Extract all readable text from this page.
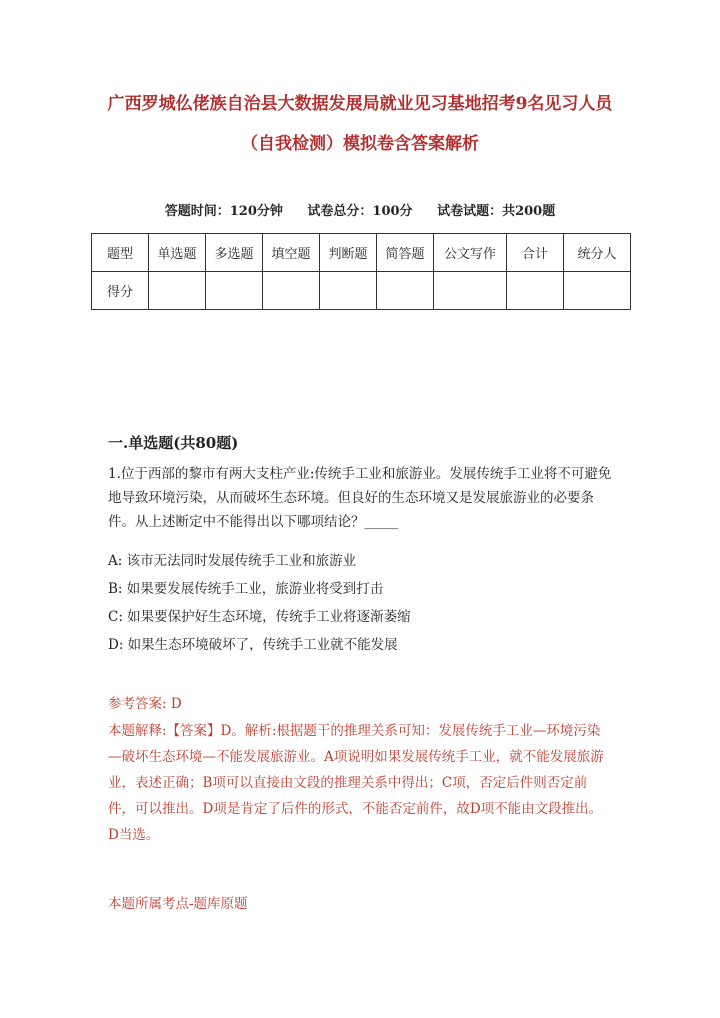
广西罗城仫佬族自治县大数据发展局就业见习基地招考9名见习人员（自我检测）模拟卷含答案解析
答题时间：120分钟 试卷总分：100分 试卷试题：共200题
题型	单选题	多选题	填空题	判断题	简答题	公文写作	合计	统分人
得分								
一.单选题(共80题)
1.位于西部的黎市有两大支柱产业:传统手工业和旅游业。发展传统手工业将不可避免地导致环境污染，从而破坏生态环境。但良好的生态环境又是发展旅游业的必要条件。从上述断定中不能得出以下哪项结论？_____
A: 该市无法同时发展传统手工业和旅游业
B: 如果要发展传统手工业，旅游业将受到打击
C: 如果要保护好生态环境，传统手工业将逐渐萎缩
D: 如果生态环境破坏了，传统手工业就不能发展
参考答案: D
本题解释:【答案】D。解析:根据题干的推理关系可知：发展传统手工业—环境污染—破坏生态环境—不能发展旅游业。A项说明如果发展传统手工业，就不能发展旅游业，表述正确；B项可以直接由文段的推理关系中得出；C项，否定后件则否定前件，可以推出。D项是肯定了后件的形式，不能否定前件，故D项不能由文段推出。D当选。
本题所属考点-题库原题
